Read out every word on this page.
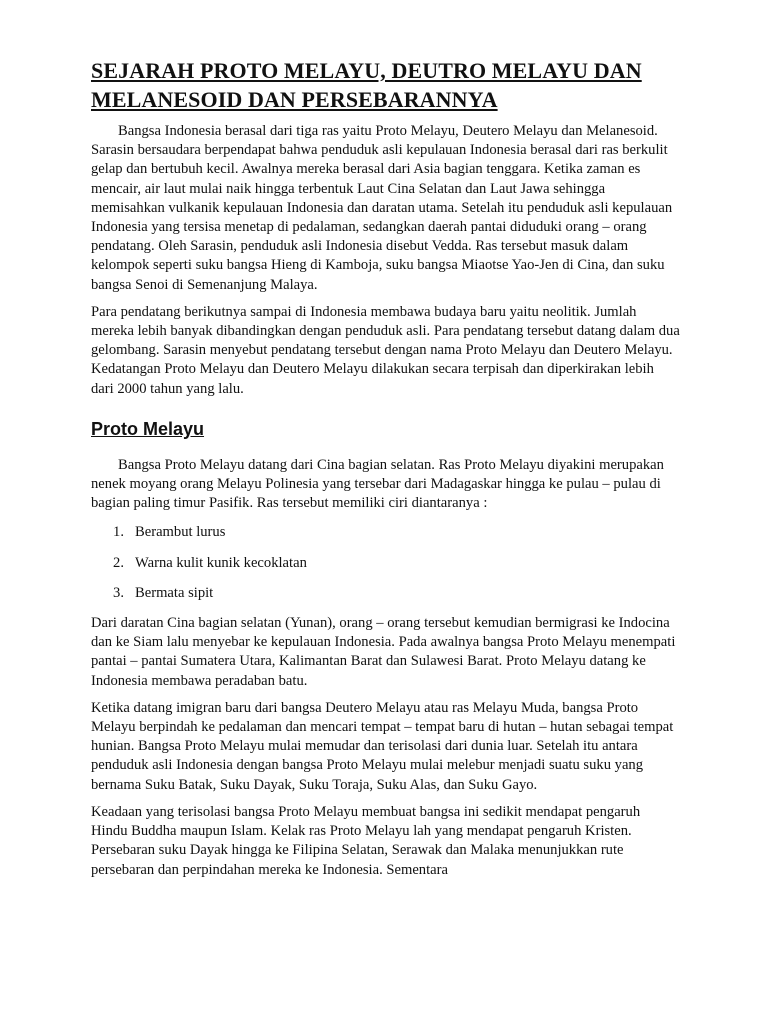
SEJARAH PROTO MELAYU, DEUTRO MELAYU DAN
MELANESOID DAN PERSEBARANNYA

Bangsa Indonesia berasal dari tiga ras yaitu Proto Melayu, Deutero Melayu dan Melanesoid. Sarasin bersaudara berpendapat bahwa penduduk asli kepulauan Indonesia berasal dari ras berkulit gelap dan bertubuh kecil. Awalnya mereka berasal dari Asia bagian tenggara. Ketika zaman es mencair, air laut mulai naik hingga terbentuk Laut Cina Selatan dan Laut Jawa sehingga memisahkan vulkanik kepulauan Indonesia dan daratan utama. Setelah itu penduduk asli kepulauan Indonesia yang tersisa menetap di pedalaman, sedangkan daerah pantai diduduki orang – orang pendatang. Oleh Sarasin, penduduk asli Indonesia disebut Vedda. Ras tersebut masuk dalam kelompok seperti suku bangsa Hieng di Kamboja, suku bangsa Miaotse Yao-Jen di Cina, dan suku bangsa Senoi di Semenanjung Malaya.

Para pendatang berikutnya sampai di Indonesia membawa budaya baru yaitu neolitik. Jumlah mereka lebih banyak dibandingkan dengan penduduk asli. Para pendatang tersebut datang dalam dua gelombang. Sarasin menyebut pendatang tersebut dengan nama Proto Melayu dan Deutero Melayu. Kedatangan Proto Melayu dan Deutero Melayu dilakukan secara terpisah dan diperkirakan lebih dari 2000 tahun yang lalu.

Proto Melayu

Bangsa Proto Melayu datang dari Cina bagian selatan. Ras Proto Melayu diyakini merupakan nenek moyang orang Melayu Polinesia yang tersebar dari Madagaskar hingga ke pulau – pulau di bagian paling timur Pasifik. Ras tersebut memiliki ciri diantaranya :

1. Berambut lurus
2. Warna kulit kunik kecoklatan
3. Bermata sipit

Dari daratan Cina bagian selatan (Yunan), orang – orang tersebut kemudian bermigrasi ke Indocina dan ke Siam lalu menyebar ke kepulauan Indonesia. Pada awalnya bangsa Proto Melayu menempati pantai – pantai Sumatera Utara, Kalimantan Barat dan Sulawesi Barat. Proto Melayu datang ke Indonesia membawa peradaban batu.

Ketika datang imigran baru dari bangsa Deutero Melayu atau ras Melayu Muda, bangsa Proto Melayu berpindah ke pedalaman dan mencari tempat – tempat baru di hutan – hutan sebagai tempat hunian. Bangsa Proto Melayu mulai memudar dan terisolasi dari dunia luar. Setelah itu antara penduduk asli Indonesia dengan bangsa Proto Melayu mulai melebur menjadi suatu suku yang bernama Suku Batak, Suku Dayak, Suku Toraja, Suku Alas, dan Suku Gayo.

Keadaan yang terisolasi bangsa Proto Melayu membuat bangsa ini sedikit mendapat pengaruh Hindu Buddha maupun Islam. Kelak ras Proto Melayu lah yang mendapat pengaruh Kristen. Persebaran suku Dayak hingga ke Filipina Selatan, Serawak dan Malaka menunjukkan rute persebaran dan perpindahan mereka ke Indonesia. Sementara
